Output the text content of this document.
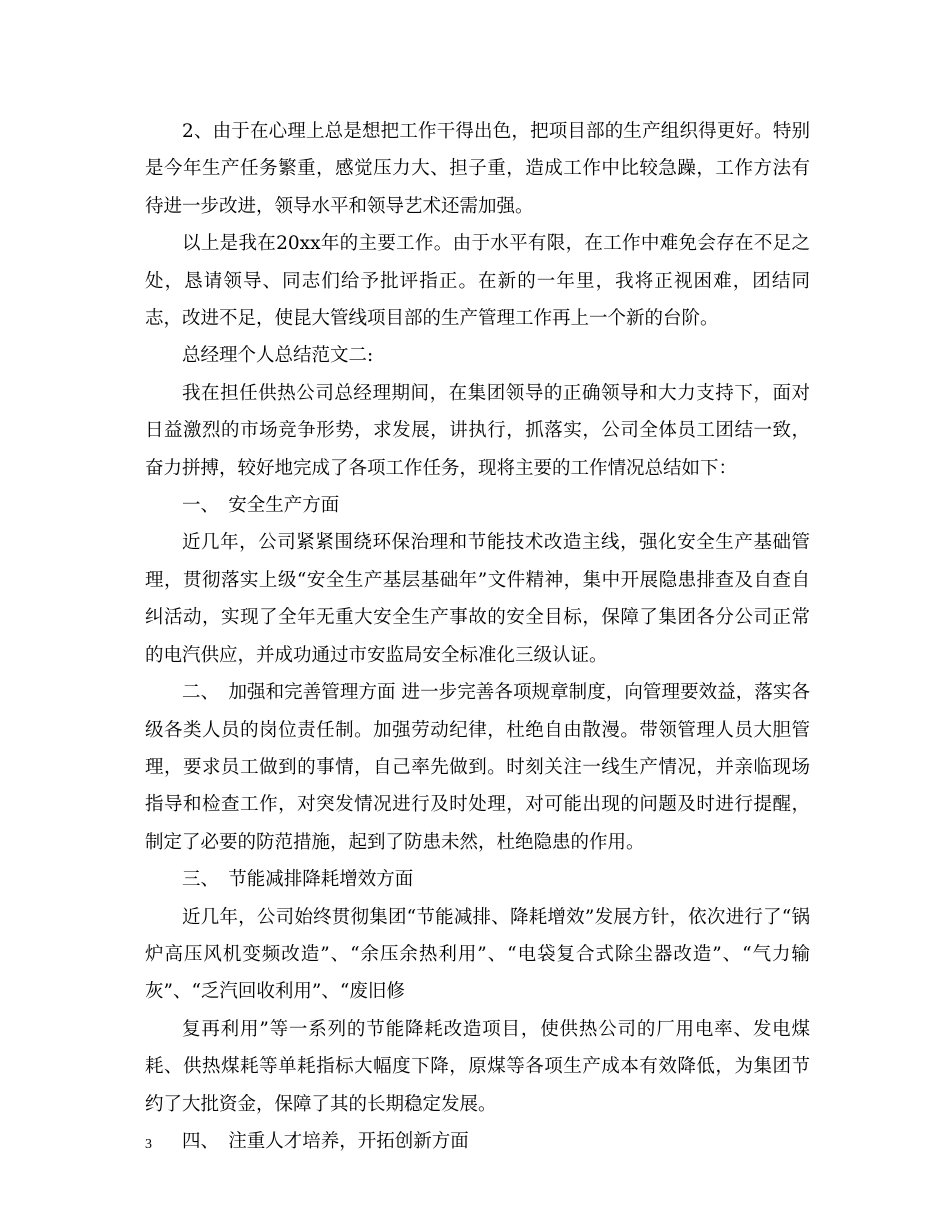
2、由于在心理上总是想把工作干得出色，把项目部的生产组织得更好。特别是今年生产任务繁重，感觉压力大、担子重，造成工作中比较急躁，工作方法有待进一步改进，领导水平和领导艺术还需加强。

以上是我在20xx年的主要工作。由于水平有限，在工作中难免会存在不足之处，恳请领导、同志们给予批评指正。在新的一年里，我将正视困难，团结同志，改进不足，使昆大管线项目部的生产管理工作再上一个新的台阶。

总经理个人总结范文二:

我在担任供热公司总经理期间，在集团领导的正确领导和大力支持下，面对日益激烈的市场竞争形势，求发展，讲执行，抓落实，公司全体员工团结一致，奋力拼搏，较好地完成了各项工作任务，现将主要的工作情况总结如下：

一、　安全生产方面

近几年，公司紧紧围绕环保治理和节能技术改造主线，强化安全生产基础管理，贯彻落实上级“安全生产基层基础年”文件精神，集中开展隐患排查及自查自纠活动，实现了全年无重大安全生产事故的安全目标，保障了集团各分公司正常的电汽供应，并成功通过市安监局安全标准化三级认证。

二、　加强和完善管理方面 进一步完善各项规章制度，向管理要效益，落实各级各类人员的岗位责任制。加强劳动纪律，杜绝自由散漫。带领管理人员大胆管理，要求员工做到的事情，自己率先做到。时刻关注一线生产情况，并亲临现场指导和检查工作，对突发情况进行及时处理，对可能出现的问题及时进行提醒，制定了必要的防范措施，起到了防患未然，杜绝隐患的作用。

三、　节能减排降耗增效方面

近几年，公司始终贯彻集团“节能减排、降耗增效”发展方针，依次进行了“锅炉高压风机变频改造”、“余压余热利用”、“电袋复合式除尘器改造”、“气力输灰”、“乏汽回收利用”、“废旧修

复再利用”等一系列的节能降耗改造项目，使供热公司的厂用电率、发电煤耗、供热煤耗等单耗指标大幅度下降，原煤等各项生产成本有效降低，为集团节约了大批资金，保障了其的长期稳定发展。

四、　注重人才培养，开拓创新方面

3
